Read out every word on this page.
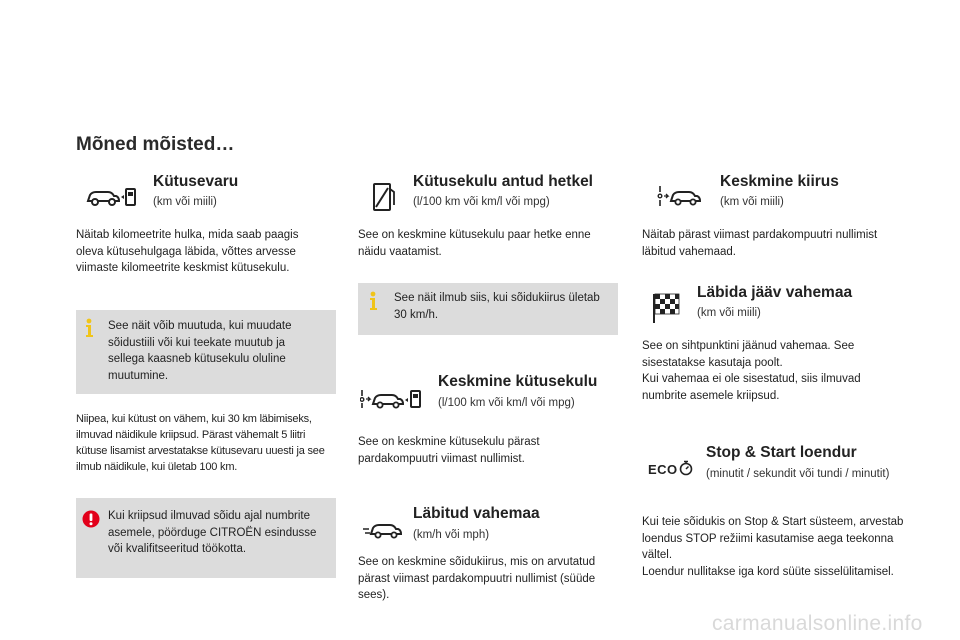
Mõned mõisted…
Kütusevaru
(km või miili)
Näitab kilomeetrite hulka, mida saab paagis oleva kütusehulgaga läbida, võttes arvesse viimaste kilomeetrite keskmist kütusekulu.
See näit võib muutuda, kui muudate sõidustiili või kui teekate muutub ja sellega kaasneb kütusekulu oluline muutumine.
Niipea, kui kütust on vähem, kui 30 km läbimiseks, ilmuvad näidikule kriipsud. Pärast vähemalt 5 liitri kütuse lisamist arvestatakse kütusevaru uuesti ja see ilmub näidikule, kui ületab 100 km.
Kui kriipsud ilmuvad sõidu ajal numbrite asemele, pöörduge CITROËN esindusse või kvalifitseeritud töökotta.
Kütusekulu antud hetkel
(l/100 km või km/l või mpg)
See on keskmine kütusekulu paar hetke enne näidu vaatamist.
See näit ilmub siis, kui sõidukiirus ületab 30 km/h.
Keskmine kütusekulu
(l/100 km või km/l või mpg)
See on keskmine kütusekulu pärast pardakompuutri viimast nullimist.
Läbitud vahemaa
(km/h või mph)
See on keskmine sõidukiirus, mis on arvutatud pärast viimast pardakompuutri nullimist (süüde sees).
Keskmine kiirus
(km või miili)
Näitab pärast viimast pardakompuutri nullimist läbitud vahemaad.
Läbida jääv vahemaa
(km või miili)
See on sihtpunktini jäänud vahemaa. See sisestatakse kasutaja poolt.
Kui vahemaa ei ole sisestatud, siis ilmuvad numbrite asemele kriipsud.
ECO
Stop & Start loendur
(minutit / sekundit või tundi / minutit)
Kui teie sõidukis on Stop & Start süsteem, arvestab loendus STOP režiimi kasutamise aega teekonna vältel.
Loendur nullitakse iga kord süüte sisselülitamisel.
carmanualsonline.info
